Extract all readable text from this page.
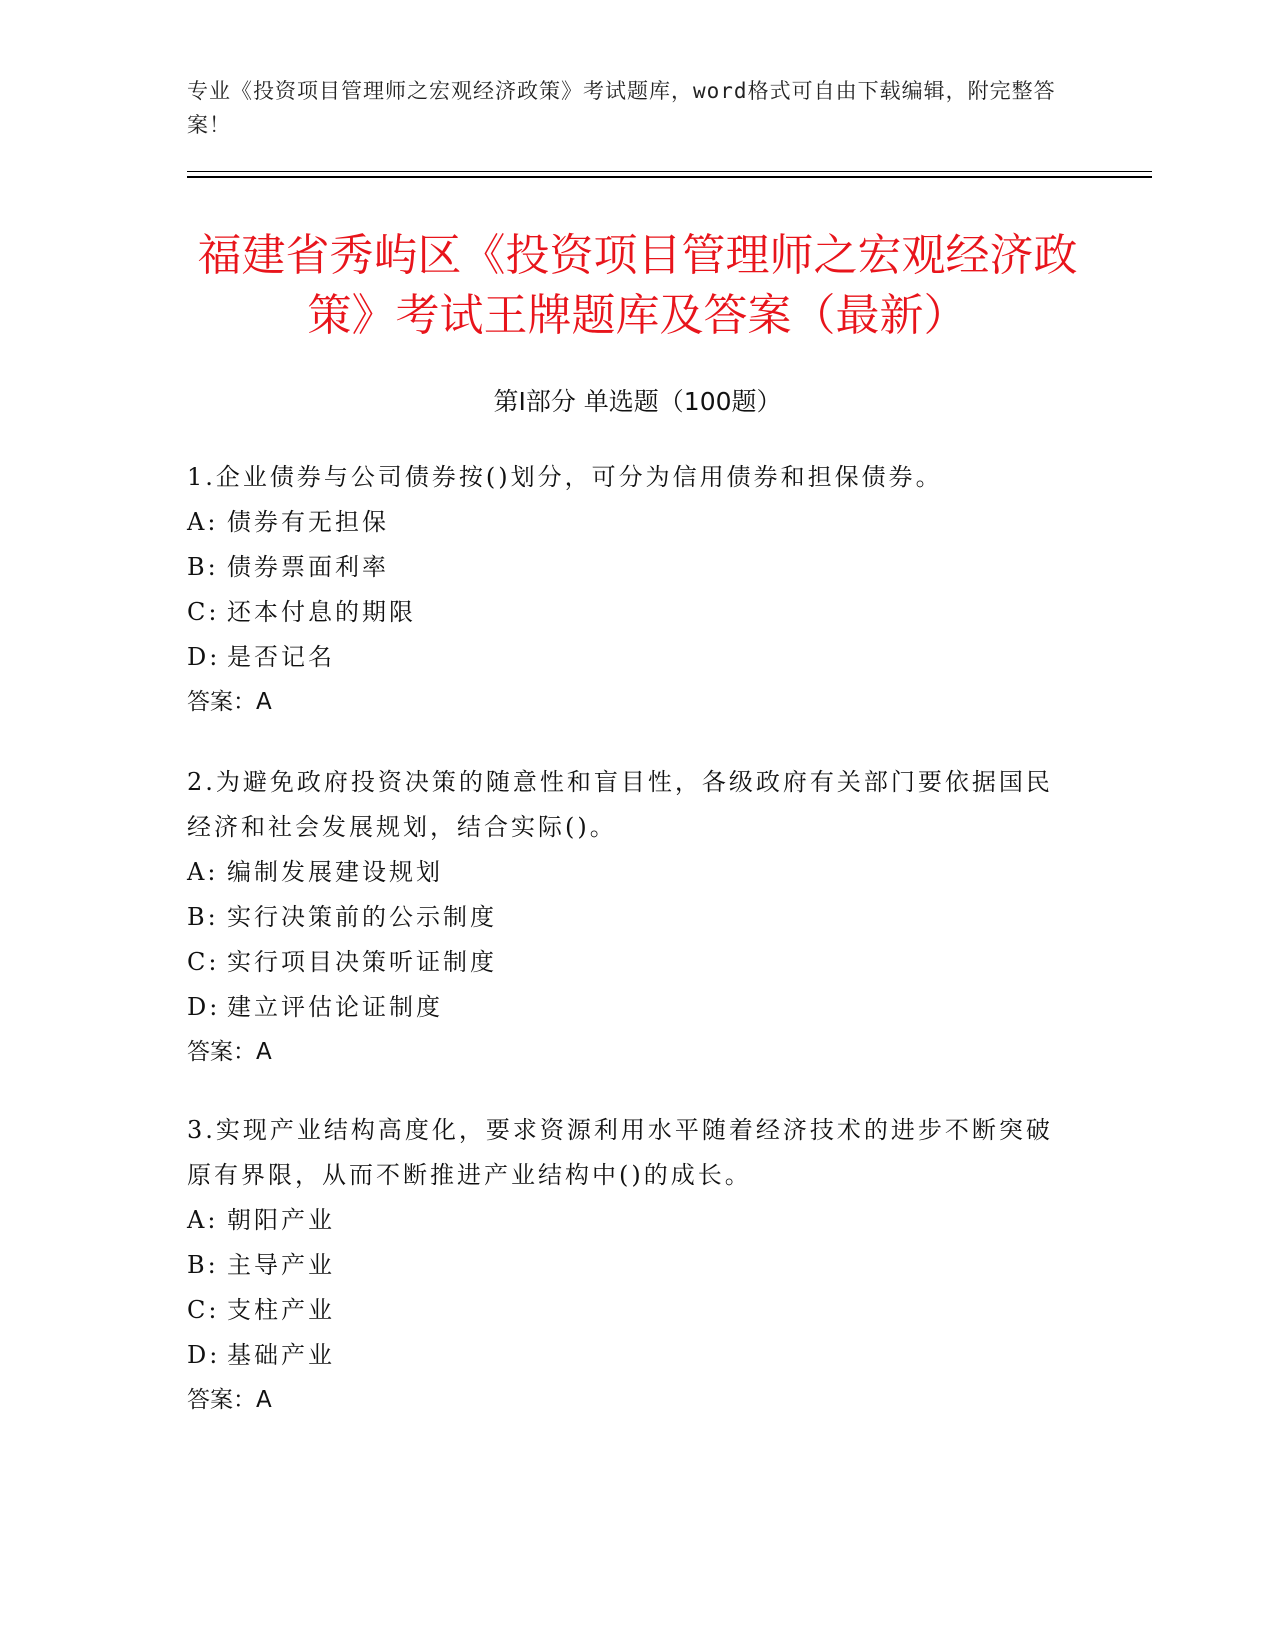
专业《投资项目管理师之宏观经济政策》考试题库，word格式可自由下载编辑，附完整答案！
福建省秀屿区《投资项目管理师之宏观经济政策》考试王牌题库及答案（最新）
第Ⅰ部分 单选题（100题）

1.企业债券与公司债券按()划分，可分为信用债券和担保债券。

A: 债券有无担保

B: 债券票面利率

C: 还本付息的期限

D: 是否记名

答案：A

2.为避免政府投资决策的随意性和盲目性，各级政府有关部门要依据国民经济和社会发展规划，结合实际()。

A: 编制发展建设规划

B: 实行决策前的公示制度

C: 实行项目决策听证制度

D: 建立评估论证制度

答案：A

3.实现产业结构高度化，要求资源利用水平随着经济技术的进步不断突破原有界限，从而不断推进产业结构中()的成长。

A: 朝阳产业

B: 主导产业

C: 支柱产业

D: 基础产业

答案：A
